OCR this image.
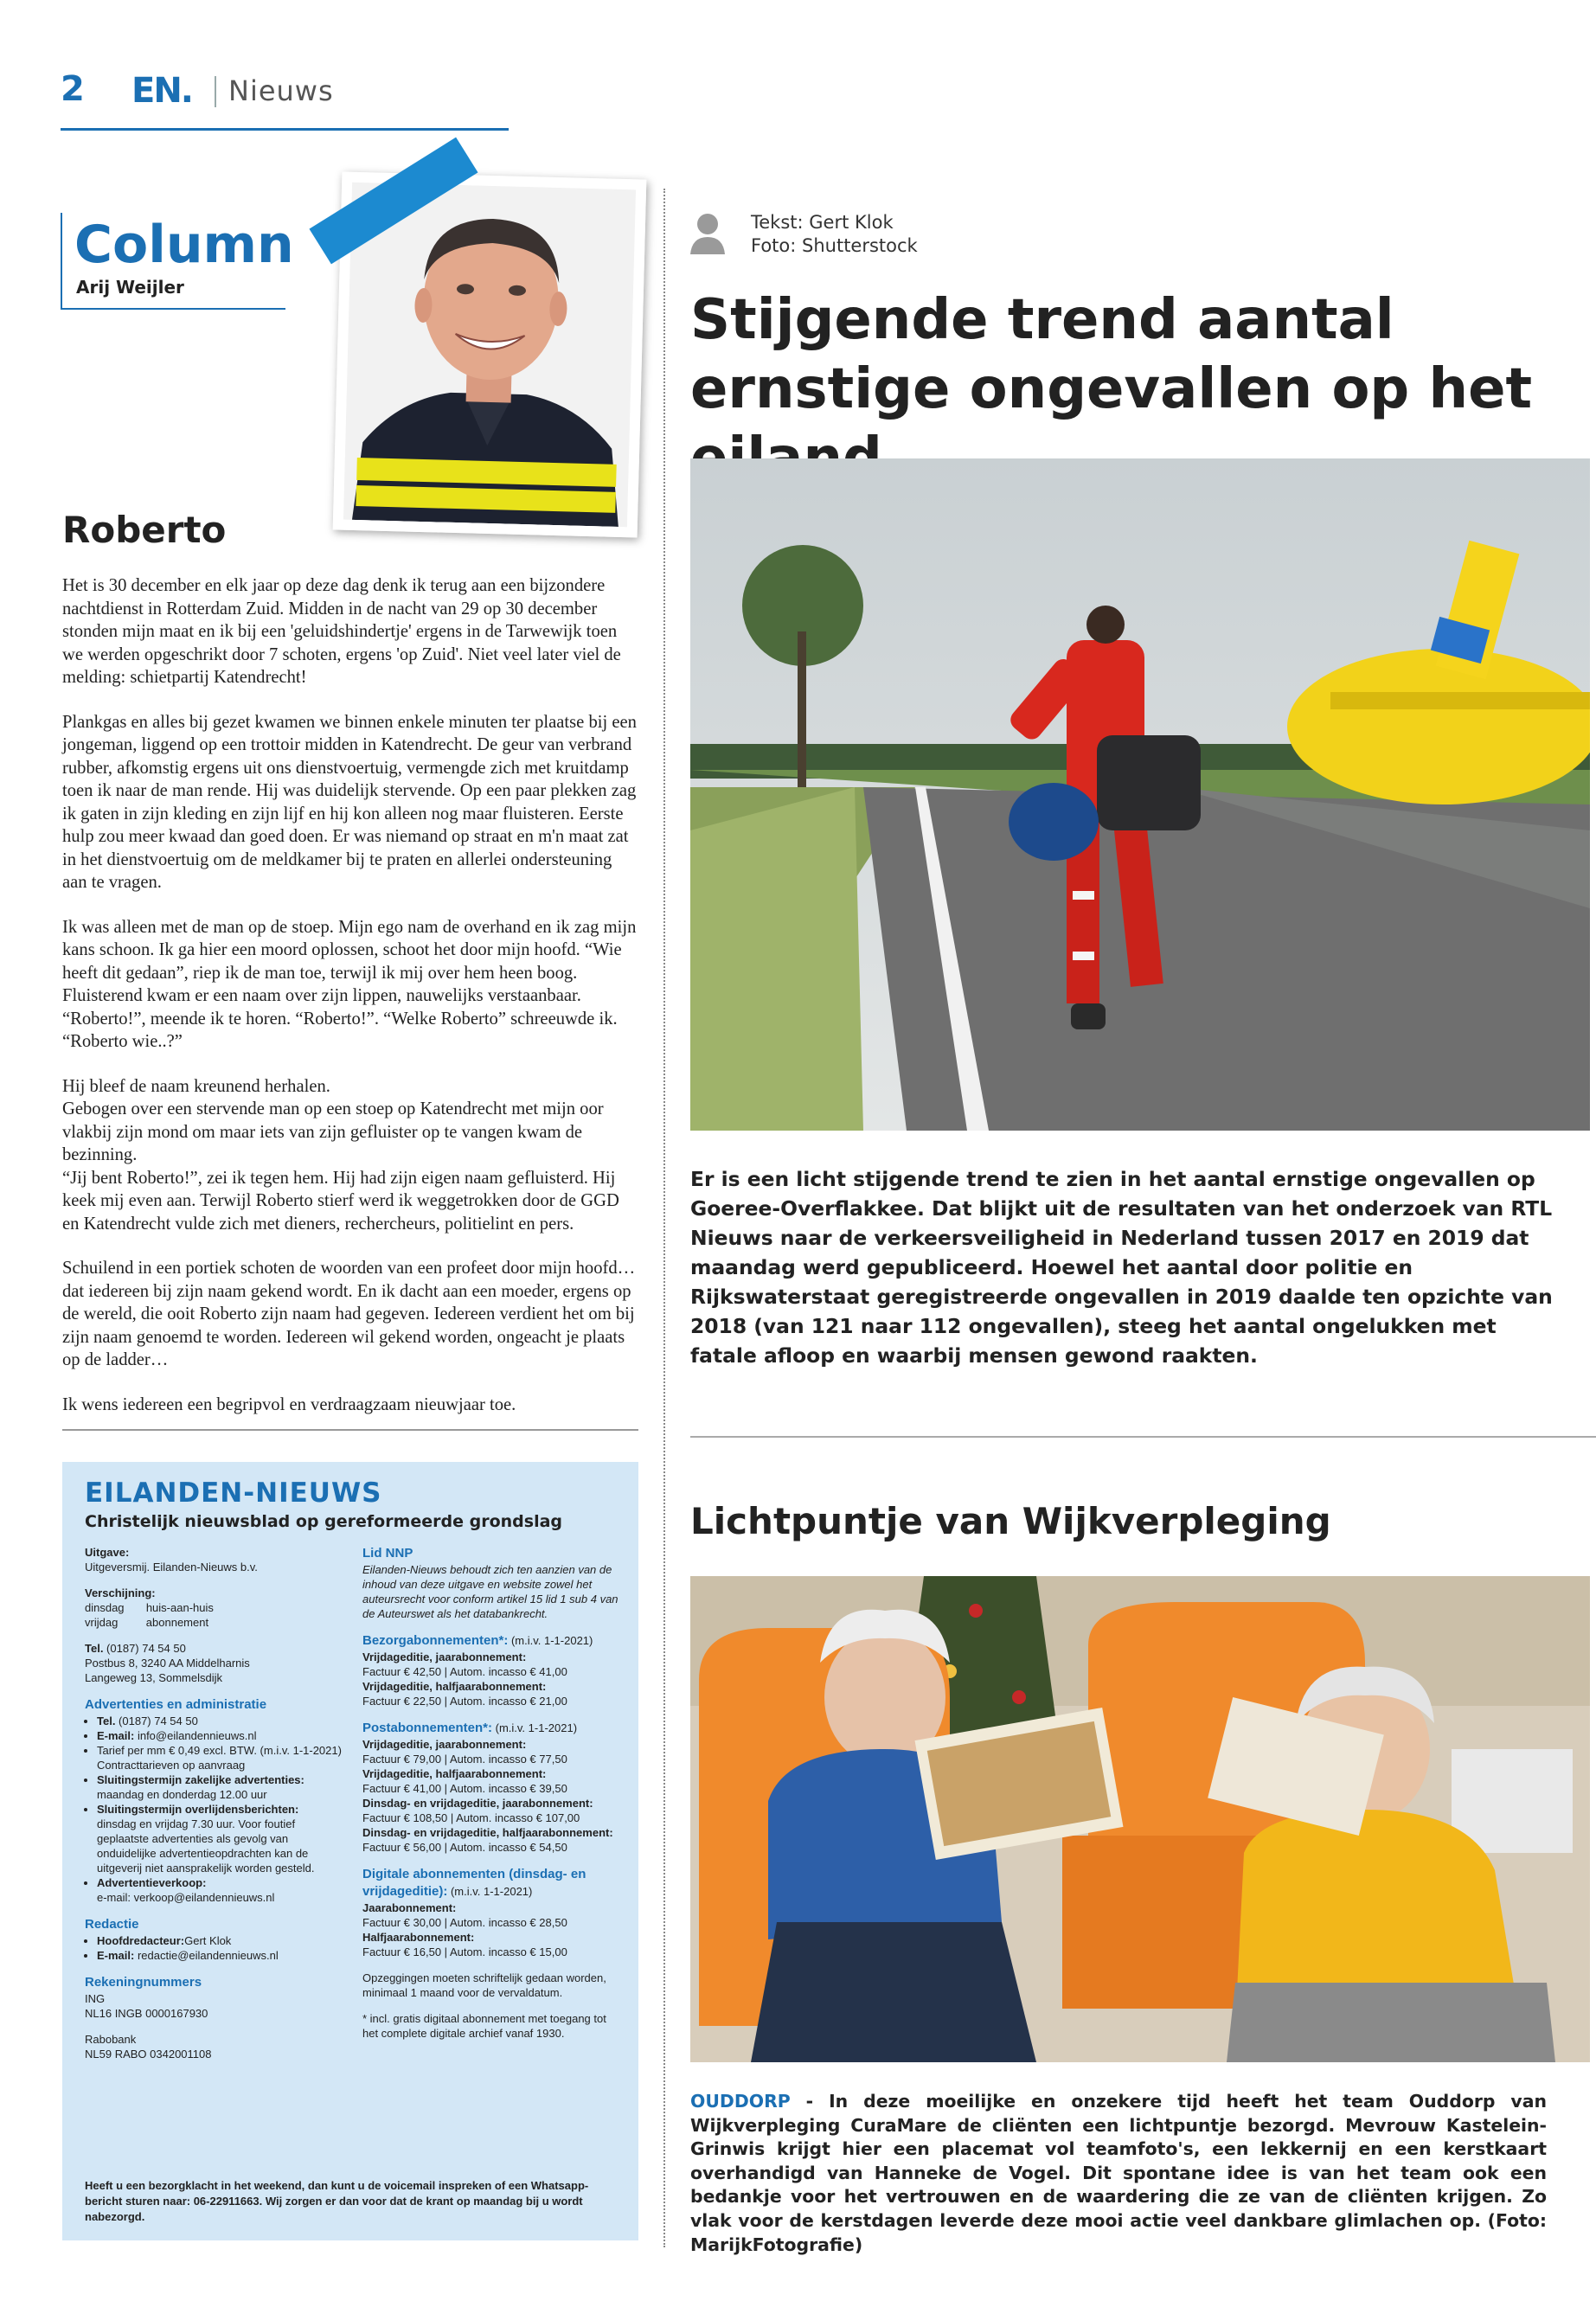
2 EN. Nieuws
Column
Arij Weijler
Roberto

Het is 30 december en elk jaar op deze dag denk ik terug aan een bijzondere nachtdienst in Rotterdam Zuid. Midden in de nacht van 29 op 30 december stonden mijn maat en ik bij een 'geluidshindertje' ergens in de Tarwewijk toen we werden opgeschrikt door 7 schoten, ergens 'op Zuid'. Niet veel later viel de melding: schietpartij Katendrecht!

Plankgas en alles bij gezet kwamen we binnen enkele minuten ter plaatse bij een jongeman, liggend op een trottoir midden in Katendrecht. De geur van verbrand rubber, afkomstig ergens uit ons dienstvoertuig, vermengde zich met kruitdamp toen ik naar de man rende. Hij was duidelijk stervende. Op een paar plekken zag ik gaten in zijn kleding en zijn lijf en hij kon alleen nog maar fluisteren. Eerste hulp zou meer kwaad dan goed doen. Er was niemand op straat en m'n maat zat in het dienstvoertuig om de meldkamer bij te praten en allerlei ondersteuning aan te vragen.

Ik was alleen met de man op de stoep. Mijn ego nam de overhand en ik zag mijn kans schoon. Ik ga hier een moord oplossen, schoot het door mijn hoofd. “Wie heeft dit gedaan”, riep ik de man toe, terwijl ik mij over hem heen boog. Fluisterend kwam er een naam over zijn lippen, nauwelijks verstaanbaar. “Roberto!”, meende ik te horen. “Roberto!”. “Welke Roberto” schreeuwde ik. “Roberto wie..?”

Hij bleef de naam kreunend herhalen.
Gebogen over een stervende man op een stoep op Katendrecht met mijn oor vlakbij zijn mond om maar iets van zijn gefluister op te vangen kwam de bezinning.
“Jij bent Roberto!”, zei ik tegen hem. Hij had zijn eigen naam gefluisterd. Hij keek mij even aan. Terwijl Roberto stierf werd ik weggetrokken door de GGD en Katendrecht vulde zich met dieners, rechercheurs, politielint en pers.

Schuilend in een portiek schoten de woorden van een profeet door mijn hoofd…dat iedereen bij zijn naam gekend wordt. En ik dacht aan een moeder, ergens op de wereld, die ooit Roberto zijn naam had gegeven. Iedereen verdient het om bij zijn naam genoemd te worden. Iedereen wil gekend worden, ongeacht je plaats op de ladder…

Ik wens iedereen een begripvol en verdraagzaam nieuwjaar toe.

EILANDEN-NIEUWS
Christelijk nieuwsblad op gereformeerde grondslag
Uitgave:
Uitgeversmij. Eilanden-Nieuws b.v.
Verschijning:
dinsdag       huis-aan-huis
vrijdag         abonnement
Tel. (0187) 74 54 50
Postbus 8, 3240 AA Middelharnis
Langeweg 13, Sommelsdijk
Advertenties en administratie
• Tel. (0187) 74 54 50
• E-mail: info@eilandennieuws.nl
• Tarief per mm € 0,49 excl. BTW. (m.i.v. 1-1-2021)
Contracttarieven op aanvraag
• Sluitingstermijn zakelijke advertenties:
maandag en donderdag 12.00 uur
• Sluitingstermijn overlijdensberichten:
dinsdag en vrijdag 7.30 uur. Voor foutief geplaatste advertenties als gevolg van onduidelijke advertentieopdrachten kan de uitgeverij niet aansprakelijk worden gesteld.
• Advertentieverkoop:
e-mail: verkoop@eilandennieuws.nl
Redactie
• Hoofdredacteur:Gert Klok
• E-mail: redactie@eilandennieuws.nl
Rekeningnummers
ING
NL16 INGB 0000167930
Rabobank
NL59 RABO 0342001108
Lid NNP
Eilanden-Nieuws behoudt zich ten aanzien van de inhoud van deze uitgave en website zowel het auteursrecht voor conform artikel 15 lid 1 sub 4 van de Auteurswet als het databankrecht.
Bezorgabonnementen*: (m.i.v. 1-1-2021)
Vrijdageditie, jaarabonnement:
Factuur € 42,50 | Autom. incasso € 41,00
Vrijdageditie, halfjaarabonnement:
Factuur € 22,50 | Autom. incasso € 21,00
Postabonnementen*: (m.i.v. 1-1-2021)
Vrijdageditie, jaarabonnement:
Factuur € 79,00 | Autom. incasso € 77,50
Vrijdageditie, halfjaarabonnement:
Factuur € 41,00 | Autom. incasso € 39,50
Dinsdag- en vrijdageditie, jaarabonnement:
Factuur € 108,50 | Autom. incasso € 107,00
Dinsdag- en vrijdageditie, halfjaarabonnement:
Factuur € 56,00 | Autom. incasso € 54,50
Digitale abonnementen (dinsdag- en vrijdageditie): (m.i.v. 1-1-2021)
Jaarabonnement:
Factuur € 30,00 | Autom. incasso € 28,50
Halfjaarabonnement:
Factuur € 16,50 | Autom. incasso € 15,00
Opzeggingen moeten schriftelijk gedaan worden, minimaal 1 maand voor de vervaldatum.
* incl. gratis digitaal abonnement met toegang tot het complete digitale archief vanaf 1930.
Heeft u een bezorgklacht in het weekend, dan kunt u de voicemail inspreken of een Whatsapp-bericht sturen naar: 06-22911663. Wij zorgen er dan voor dat de krant op maandag bij u wordt nabezorgd.
Tekst: Gert Klok
Foto: Shutterstock
Stijgende trend aantal ernstige ongevallen op het
Er is een licht stijgende trend te zien in het aantal ernstige ongevallen op Goeree-Overflakkee. Dat blijkt uit de resultaten van het onderzoek van RTL Nieuws naar de verkeersveiligheid in Nederland tussen 2017 en 2019 dat maandag werd gepubliceerd. Hoewel het aantal door politie en Rijkswaterstaat geregistreerde ongevallen in 2019 daalde ten opzichte van 2018 (van 121 naar 112 ongevallen), steeg het aantal ongelukken met fatale afloop en waarbij mensen gewond raakten.
Lichtpuntje van Wijkverpleging
OUDDORP - In deze moeilijke en onzekere tijd heeft het team Ouddorp van Wijkverpleging CuraMare de cliënten een lichtpuntje bezorgd. Mevrouw Kastelein-Grinwis krijgt hier een placemat vol teamfoto's, een lekkernij en een kerstkaart overhandigd van Hanneke de Vogel. Dit spontane idee is van het team ook een bedankje voor het vertrouwen en de waardering die ze van de cliënten krijgen. Zo vlak voor de kerstdagen leverde deze mooi actie veel dankbare glimlachen op. (Foto: MarijkFotografie)
